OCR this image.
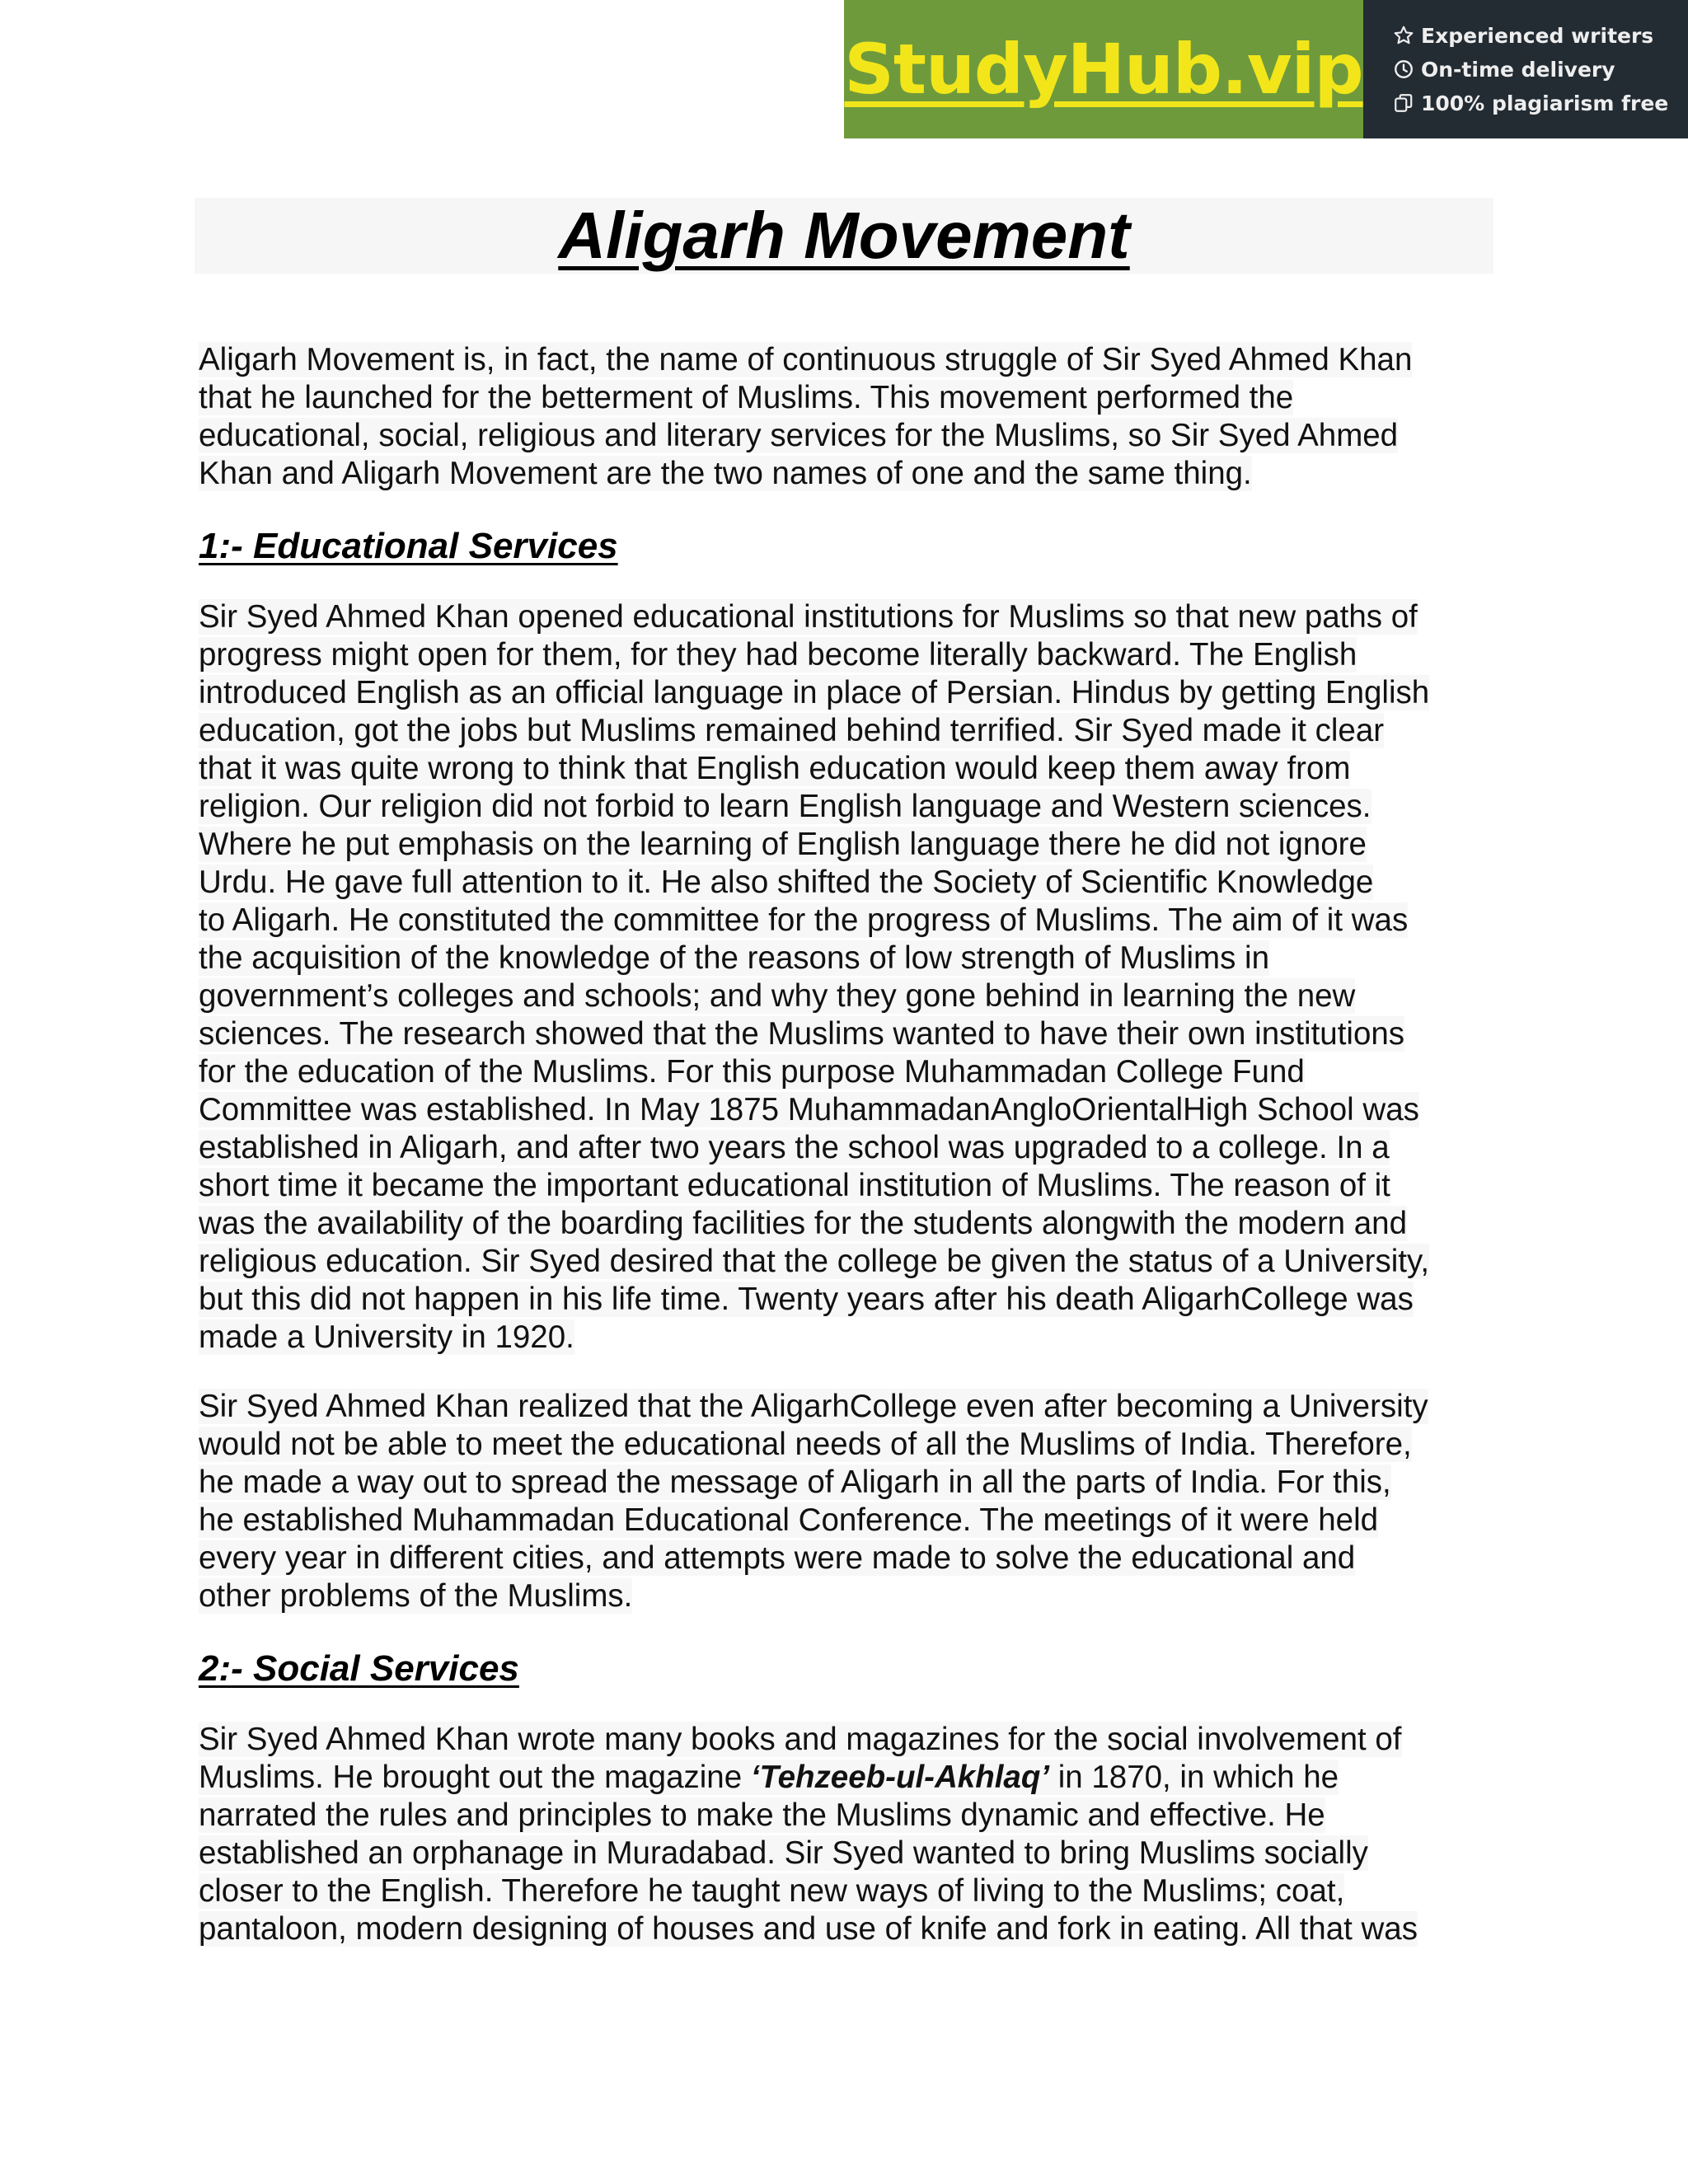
StudyHub.vip	Experienced writers
On-time delivery
100% plagiarism free
Aligarh Movement

Aligarh Movement is, in fact, the name of continuous struggle of Sir Syed Ahmed Khan
that he launched for the betterment of Muslims. This movement performed the
educational, social, religious and literary services for the Muslims, so Sir Syed Ahmed
Khan and Aligarh Movement are the two names of one and the same thing.

1:- Educational Services

Sir Syed Ahmed Khan opened educational institutions for Muslims so that new paths of
progress might open for them, for they had become literally backward. The English
introduced English as an official language in place of Persian. Hindus by getting English
education, got the jobs but Muslims remained behind terrified. Sir Syed made it clear
that it was quite wrong to think that English education would keep them away from
religion. Our religion did not forbid to learn English language and Western sciences.
Where he put emphasis on the learning of English language there he did not ignore
Urdu. He gave full attention to it. He also shifted the Society of Scientific Knowledge
to Aligarh. He constituted the committee for the progress of Muslims. The aim of it was
the acquisition of the knowledge of the reasons of low strength of Muslims in
government’s colleges and schools; and why they gone behind in learning the new
sciences. The research showed that the Muslims wanted to have their own institutions
for the education of the Muslims. For this purpose Muhammadan College Fund
Committee was established. In May 1875 MuhammadanAngloOrientalHigh School was
established in Aligarh, and after two years the school was upgraded to a college. In a
short time it became the important educational institution of Muslims. The reason of it
was the availability of the boarding facilities for the students alongwith the modern and
religious education. Sir Syed desired that the college be given the status of a University,
but this did not happen in his life time. Twenty years after his death AligarhCollege was
made a University in 1920.

Sir Syed Ahmed Khan realized that the AligarhCollege even after becoming a University
would not be able to meet the educational needs of all the Muslims of India. Therefore,
he made a way out to spread the message of Aligarh in all the parts of India. For this,
he established Muhammadan Educational Conference. The meetings of it were held
every year in different cities, and attempts were made to solve the educational and
other problems of the Muslims.

2:- Social Services

Sir Syed Ahmed Khan wrote many books and magazines for the social involvement of
Muslims. He brought out the magazine ‘Tehzeeb-ul-Akhlaq’ in 1870, in which he
narrated the rules and principles to make the Muslims dynamic and effective. He
established an orphanage in Muradabad. Sir Syed wanted to bring Muslims socially
closer to the English. Therefore he taught new ways of living to the Muslims; coat,
pantaloon, modern designing of houses and use of knife and fork in eating. All that was
